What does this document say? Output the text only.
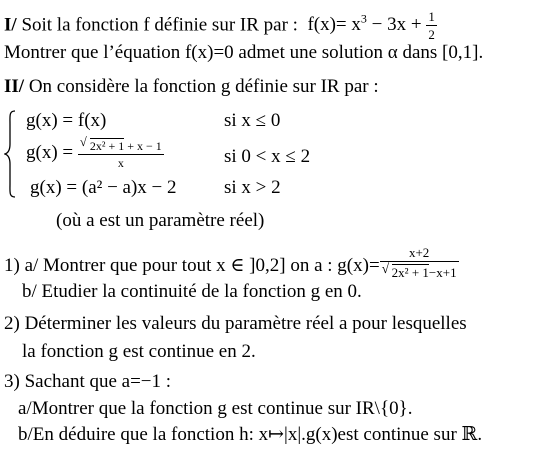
I/ Soit la fonction f définie sur IR par : $f(x)= x^3 - 3x + \frac{1}{2}$
Montrer que l’équation f(x)=0 admet une solution α dans [0,1].
II/ On considère la fonction g définie sur IR par :
g(x) = f(x)	si x ≤ 0
g(x) =
√ $\frac{\text{2x² + 1 + x − 1}}{x}$	si 0 < x ≤ 2
g(x) = (a² − a)x − 2 si x > 2
(où a est un paramètre réel)
1) a/ Montrer que pour tout x ∈ ]0,2] on a : g(x)= x+2
√ 2x² + 1−x+1
b/ Etudier la continuité de la fonction g en 0.
2) Déterminer les valeurs du paramètre réel a pour lesquelles
la fonction g est continue en 2.
3) Sachant que a=−1 :
a/Montrer que la fonction g est continue sur IR\{0}.
b/En déduire que la fonction h: x↦|x|.g(x)est continue sur ℝ.
